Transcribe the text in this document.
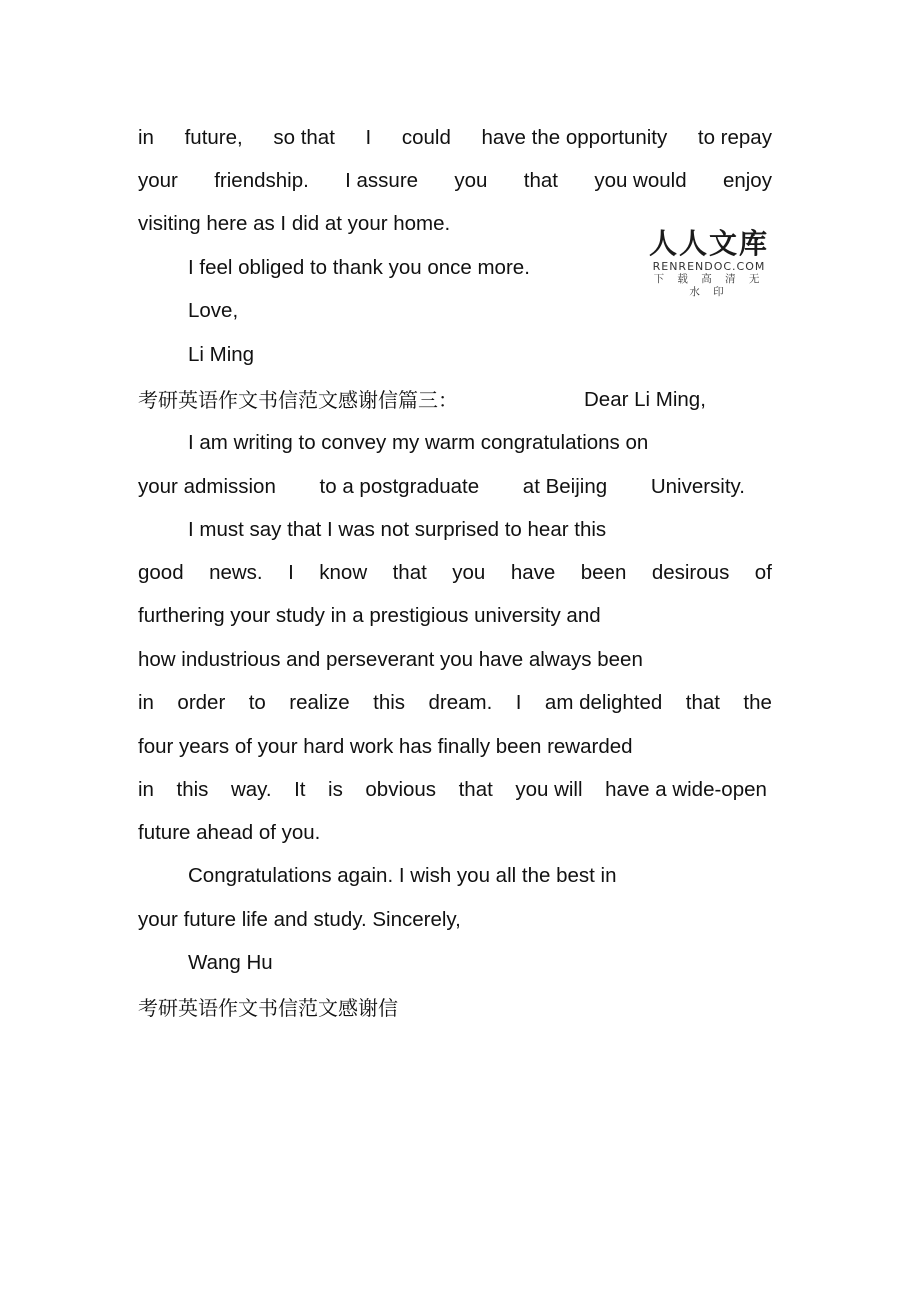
in future, so that I could have the opportunity to repay
your friendship. I assure you that you would enjoy
visiting here as I did at your home.
I feel obliged to thank you once more.
Love,
Li Ming
考研英语作文书信范文感谢信篇三：	Dear Li Ming,
I am writing to convey my warm congratulations on
your admission to a postgraduate at Beijing University.
I must say that I was not surprised to hear this
good news. I know that you have been desirous of
furthering your study in a prestigious university and
how industrious and perseverant you have always been
in order to realize this dream. I am delighted that the
four years of your hard work has finally been rewarded
in this way. It is obvious that you will have a wide-open
future ahead of you.
Congratulations again. I wish you all the best in
your future life and study. Sincerely,
Wang Hu
考研英语作文书信范文感谢信
人人文库
RENRENDOC.COM
下 载 高 清 无 水 印
